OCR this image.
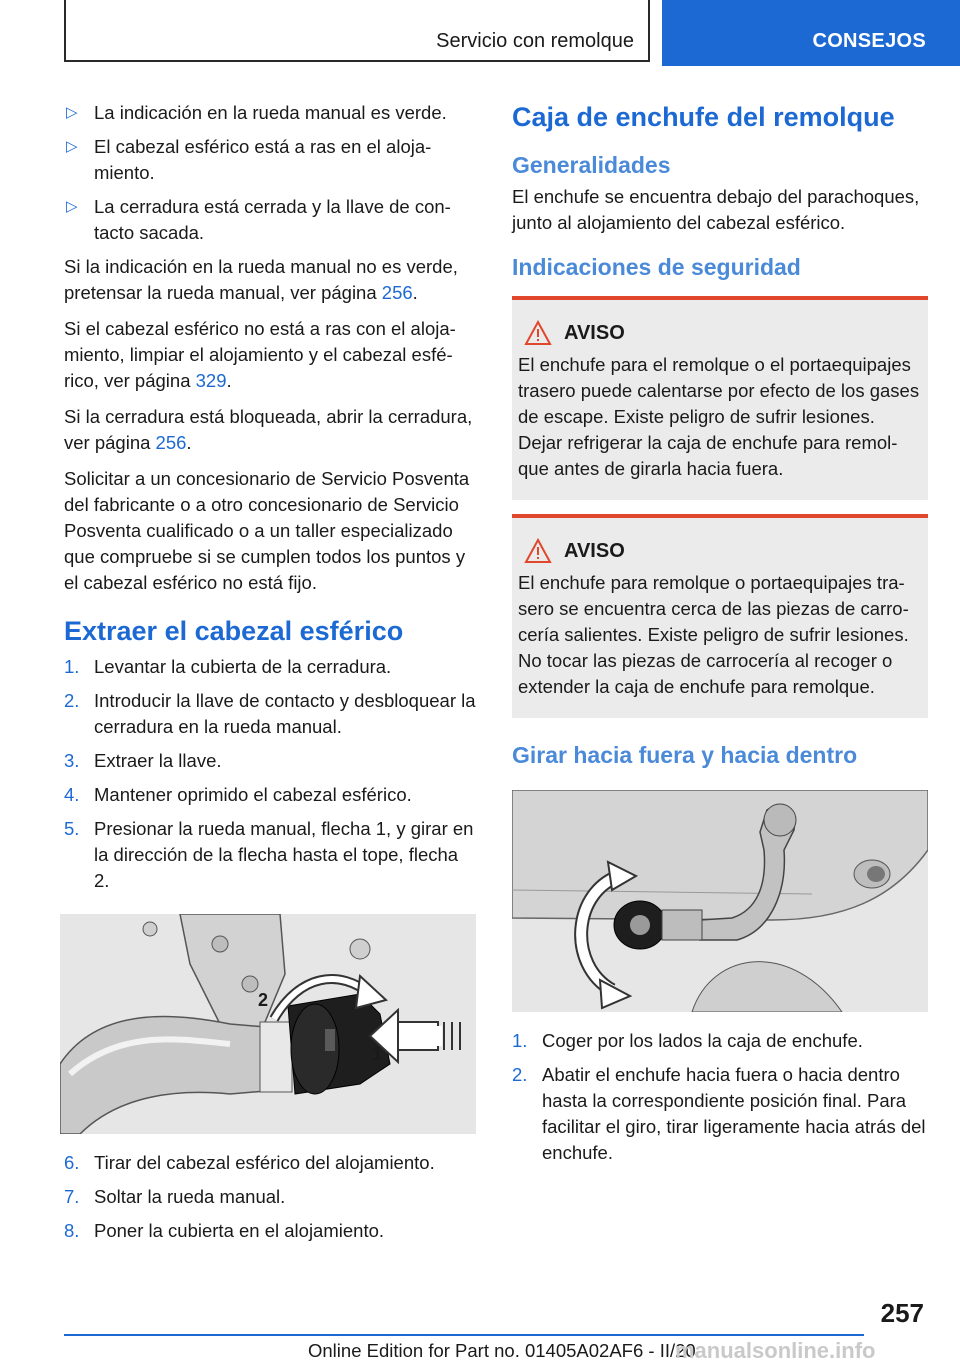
Servicio con remolque	CONSEJOS
▷ La indicación en la rueda manual es verde.
▷ El cabezal esférico está a ras en el alojamiento.
▷ La cerradura está cerrada y la llave de contacto sacada.

Si la indicación en la rueda manual no es verde, pretensar la rueda manual, ver página 256.

Si el cabezal esférico no está a ras con el alojamiento, limpiar el alojamiento y el cabezal esférico, ver página 329.

Si la cerradura está bloqueada, abrir la cerradura, ver página 256.

Solicitar a un concesionario de Servicio Posventa del fabricante o a otro concesionario de Servicio Posventa cualificado o a un taller especializado que compruebe si se cumplen todos los puntos y el cabezal esférico no está fijo.

Extraer el cabezal esférico
1. Levantar la cubierta de la cerradura.
2. Introducir la llave de contacto y desbloquear la cerradura en la rueda manual.
3. Extraer la llave.
4. Mantener oprimido el cabezal esférico.
5. Presionar la rueda manual, flecha 1, y girar en la dirección de la flecha hasta el tope, flecha 2.
2
1
6. Tirar del cabezal esférico del alojamiento.
7. Soltar la rueda manual.
8. Poner la cubierta en el alojamiento.
Caja de enchufe del remolque
Generalidades

El enchufe se encuentra debajo del parachoques, junto al alojamiento del cabezal esférico.

Indicaciones de seguridad
AVISO

El enchufe para el remolque o el portaequipajes trasero puede calentarse por efecto de los gases de escape. Existe peligro de sufrir lesiones. Dejar refrigerar la caja de enchufe para remolque antes de girarla hacia fuera.

AVISO

El enchufe para remolque o portaequipajes trasero se encuentra cerca de las piezas de carrocería salientes. Existe peligro de sufrir lesiones. No tocar las piezas de carrocería al recoger o extender la caja de enchufe para remolque.

Girar hacia fuera y hacia dentro
1. Coger por los lados la caja de enchufe.
2. Abatir el enchufe hacia fuera o hacia dentro hasta la correspondiente posición final. Para facilitar el giro, tirar ligeramente hacia atrás del enchufe.
257
Online Edition for Part no. 01405A02AF6 - II/20
manualsonline.info
